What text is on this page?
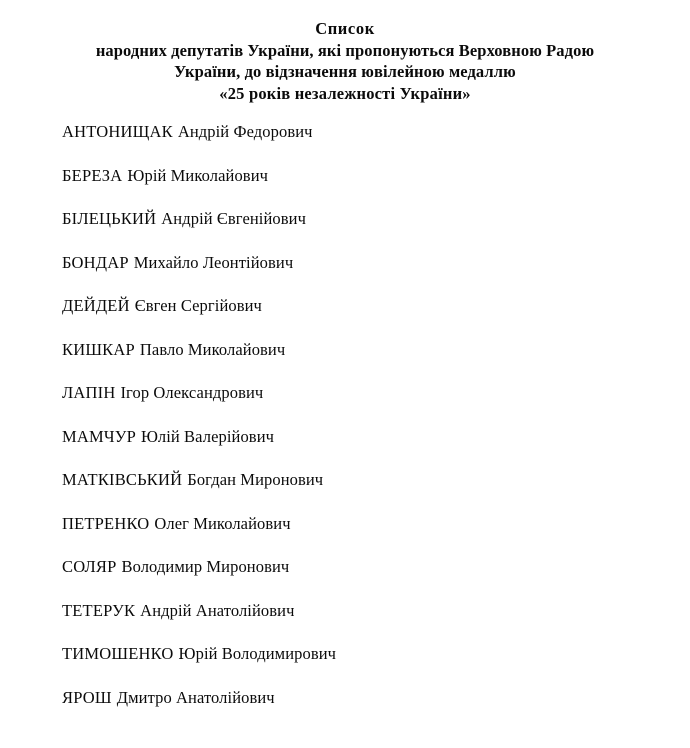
Список
народних депутатів України, які пропонуються Верховною Радою
України, до відзначення ювілейною медаллю
«25 років незалежності України»
АНТОНИЩАК Андрій Федорович
БЕРЕЗА Юрій Миколайович
БІЛЕЦЬКИЙ Андрій Євгенійович
БОНДАР Михайло Леонтійович
ДЕЙДЕЙ Євген Сергійович
КИШКАР Павло Миколайович
ЛАПІН Ігор Олександрович
МАМЧУР Юлій Валерійович
МАТКІВСЬКИЙ Богдан Миронович
ПЕТРЕНКО Олег Миколайович
СОЛЯР Володимир Миронович
ТЕТЕРУК Андрій Анатолійович
ТИМОШЕНКО Юрій Володимирович
ЯРОШ Дмитро Анатолійович
